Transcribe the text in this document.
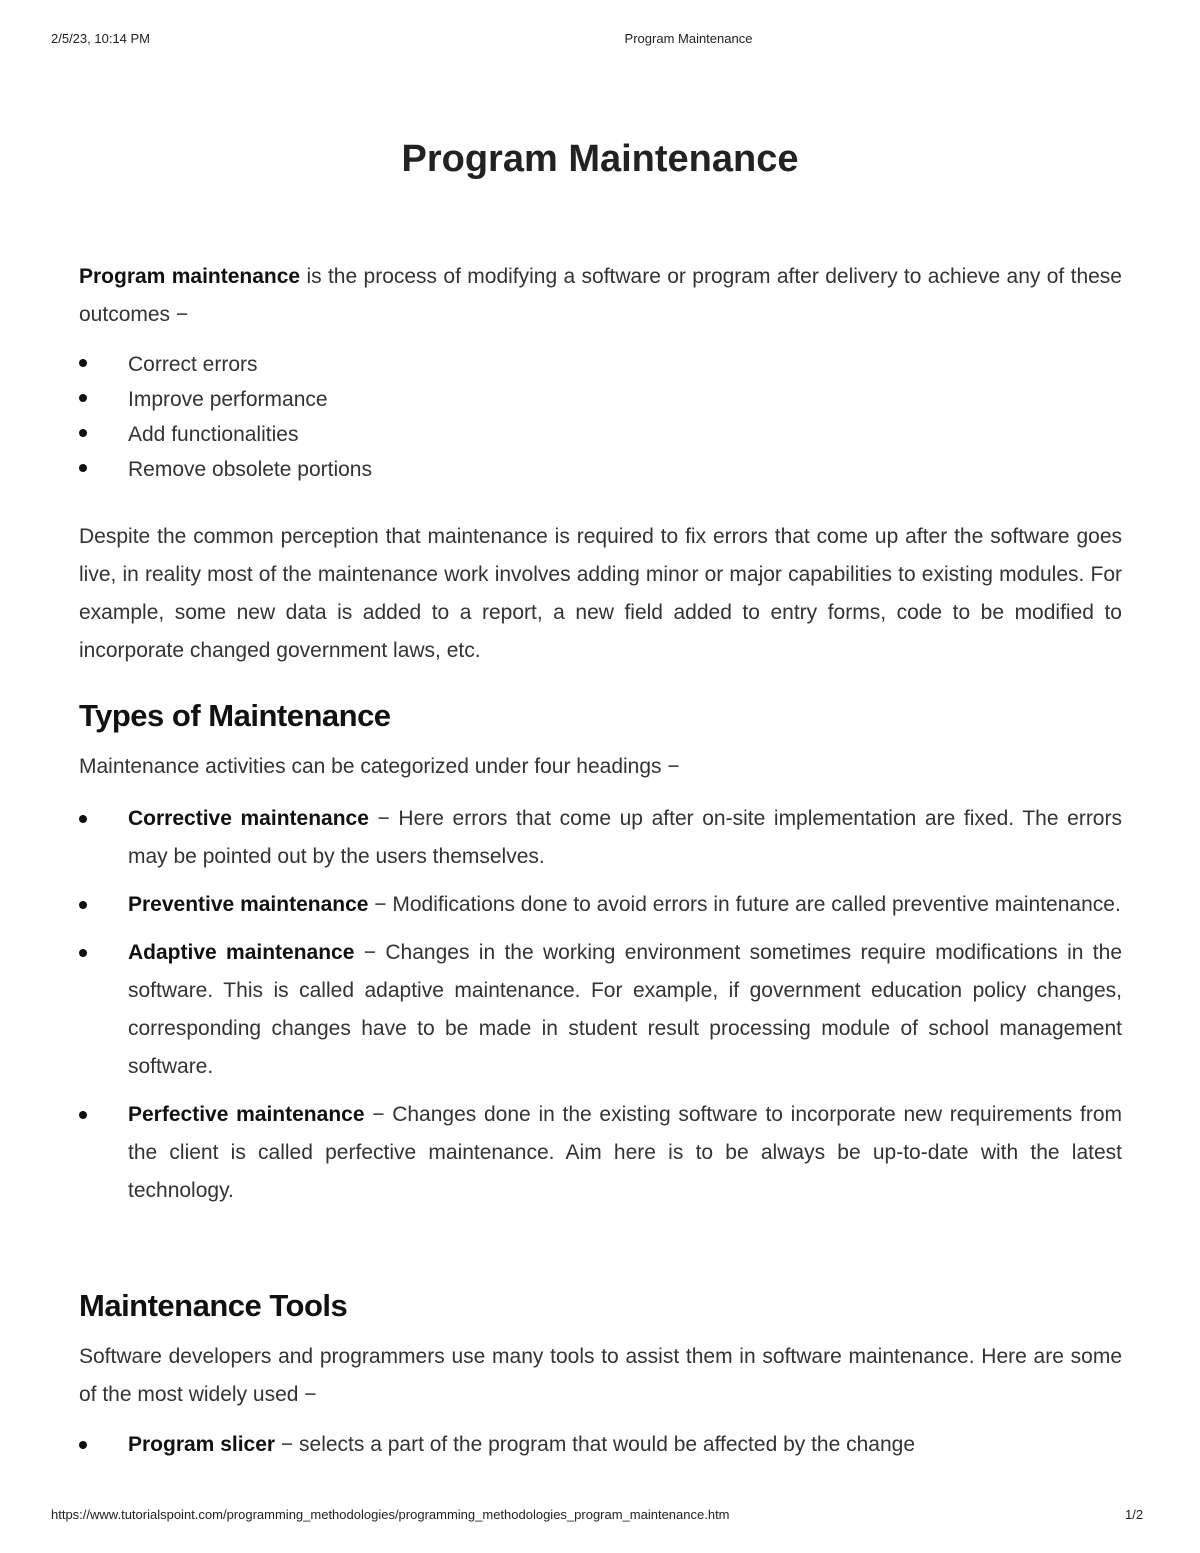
2/5/23, 10:14 PM	Program Maintenance
Program Maintenance

Program maintenance is the process of modifying a software or program after delivery to achieve any of these outcomes −

Correct errors
Improve performance
Add functionalities
Remove obsolete portions

Despite the common perception that maintenance is required to fix errors that come up after the software goes live, in reality most of the maintenance work involves adding minor or major capabilities to existing modules. For example, some new data is added to a report, a new field added to entry forms, code to be modified to incorporate changed government laws, etc.

Types of Maintenance

Maintenance activities can be categorized under four headings −

Corrective maintenance − Here errors that come up after on-site implementation are fixed. The errors may be pointed out by the users themselves.
Preventive maintenance − Modifications done to avoid errors in future are called preventive maintenance.
Adaptive maintenance − Changes in the working environment sometimes require modifications in the software. This is called adaptive maintenance. For example, if government education policy changes, corresponding changes have to be made in student result processing module of school management software.
Perfective maintenance − Changes done in the existing software to incorporate new requirements from the client is called perfective maintenance. Aim here is to be always be up-to-date with the latest technology.
Maintenance Tools

Software developers and programmers use many tools to assist them in software maintenance. Here are some of the most widely used −

Program slicer − selects a part of the program that would be affected by the change
https://www.tutorialspoint.com/programming_methodologies/programming_methodologies_program_maintenance.htm	1/2
